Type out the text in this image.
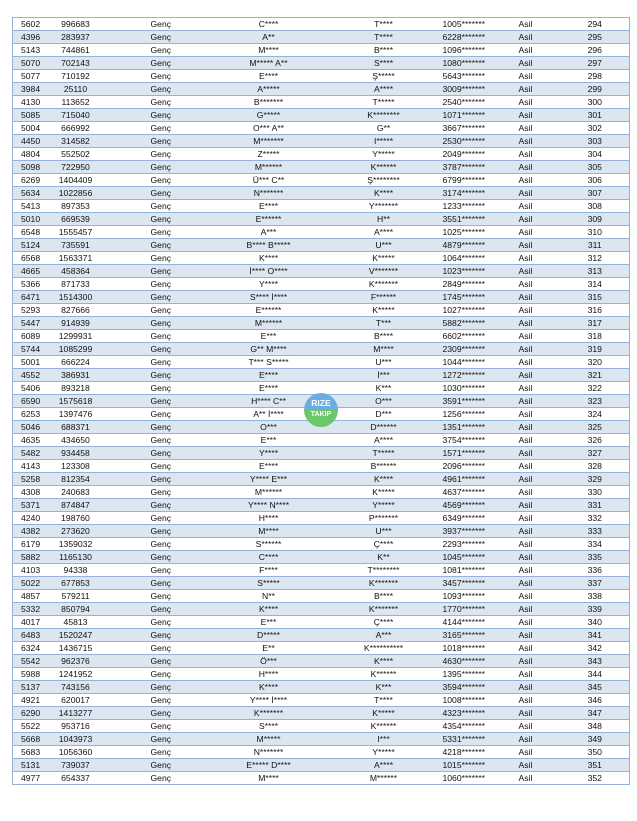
5602	996683	Genç	C****	T****	1005*******	Asil	294
4396	283937	Genç	A**	T****	6228*******	Asil	295
5143	744861	Genç	M****	B****	1096*******	Asil	296
5070	702143	Genç	M***** A**	S****	1080*******	Asil	297
5077	710192	Genç	E****	Ş*****	5643*******	Asil	298
3984	25110	Genç	A*****	A****	3009*******	Asil	299
4130	113652	Genç	B*******	T*****	2540*******	Asil	300
5085	715040	Genç	G*****	K********	1071*******	Asil	301
5004	666992	Genç	O*** A**	G**	3667*******	Asil	302
4450	314582	Genç	M*******	I*****	2530*******	Asil	303
4804	552502	Genç	Z*****	Y*****	2049*******	Asil	304
5098	722950	Genç	M******	K******	3787*******	Asil	305
6269	1404409	Genç	Ü*** C**	Ş********	6799*******	Asil	306
5634	1022856	Genç	N*******	K****	3174*******	Asil	307
5413	897353	Genç	E****	Y*******	1233*******	Asil	308
5010	669539	Genç	E******	H**	3551*******	Asil	309
6548	1555457	Genç	A***	A****	1025*******	Asil	310
5124	735591	Genç	B**** B*****	U***	4879*******	Asil	311
6568	1563371	Genç	K****	K*****	1064*******	Asil	312
4665	458364	Genç	İ**** O****	V*******	1023*******	Asil	313
5366	871733	Genç	Y****	K*******	2849*******	Asil	314
6471	1514300	Genç	S**** İ****	F******	1745*******	Asil	315
5293	827666	Genç	E******	K*****	1027*******	Asil	316
5447	914939	Genç	M******	T***	5882*******	Asil	317
6089	1299931	Genç	E***	B****	6602*******	Asil	318
5744	1085299	Genç	G** M****	M****	2309*******	Asil	319
5001	666224	Genç	T*** S*****	U***	1044*******	Asil	320
4552	386931	Genç	E****	İ***	1272*******	Asil	321
5406	893218	Genç	E****	K***	1030*******	Asil	322
6590	1575618	Genç	H**** C**	O***	3591*******	Asil	323
6253	1397476	Genç	A** İ****	D***	1256*******	Asil	324
5046	688371	Genç	O***	D******	1351*******	Asil	325
4635	434650	Genç	E***	A****	3754*******	Asil	326
5482	934458	Genç	Y****	T*****	1571*******	Asil	327
4143	123308	Genç	E****	B******	2096*******	Asil	328
5258	812354	Genç	Y**** E***	K****	4961*******	Asil	329
4308	240683	Genç	M******	K*****	4637*******	Asil	330
5371	874847	Genç	Y**** N****	Y*****	4569*******	Asil	331
4240	198760	Genç	H****	P*******	6349*******	Asil	332
4382	273620	Genç	M****	U***	3937*******	Asil	333
6179	1359032	Genç	S******	Ç****	2293*******	Asil	334
5882	1165130	Genç	C****	K**	1045*******	Asil	335
4103	94338	Genç	F****	T********	1081*******	Asil	336
5022	677853	Genç	S*****	K*******	3457*******	Asil	337
4857	579211	Genç	N**	B****	1093*******	Asil	338
5332	850794	Genç	K****	K*******	1770*******	Asil	339
4017	45813	Genç	E***	Ç****	4144*******	Asil	340
6483	1520247	Genç	D*****	A***	3165*******	Asil	341
6324	1436715	Genç	E**	K**********	1018*******	Asil	342
5542	962376	Genç	Ö***	K****	4630*******	Asil	343
5988	1241952	Genç	H****	K******	1395*******	Asil	344
5137	743156	Genç	K****	K***	3594*******	Asil	345
4921	620017	Genç	Y**** İ****	T****	1008*******	Asil	346
6290	1413277	Genç	K*******	K*****	4323*******	Asil	347
5522	953716	Genç	S****	K******	4354*******	Asil	348
5668	1043973	Genç	M*****	I***	5331*******	Asil	349
5683	1056360	Genç	N*******	Y*****	4218*******	Asil	350
5131	739037	Genç	E***** D****	A****	1015*******	Asil	351
4977	654337	Genç	M****	M******	1060*******	Asil	352
RIZE
TAKIP
